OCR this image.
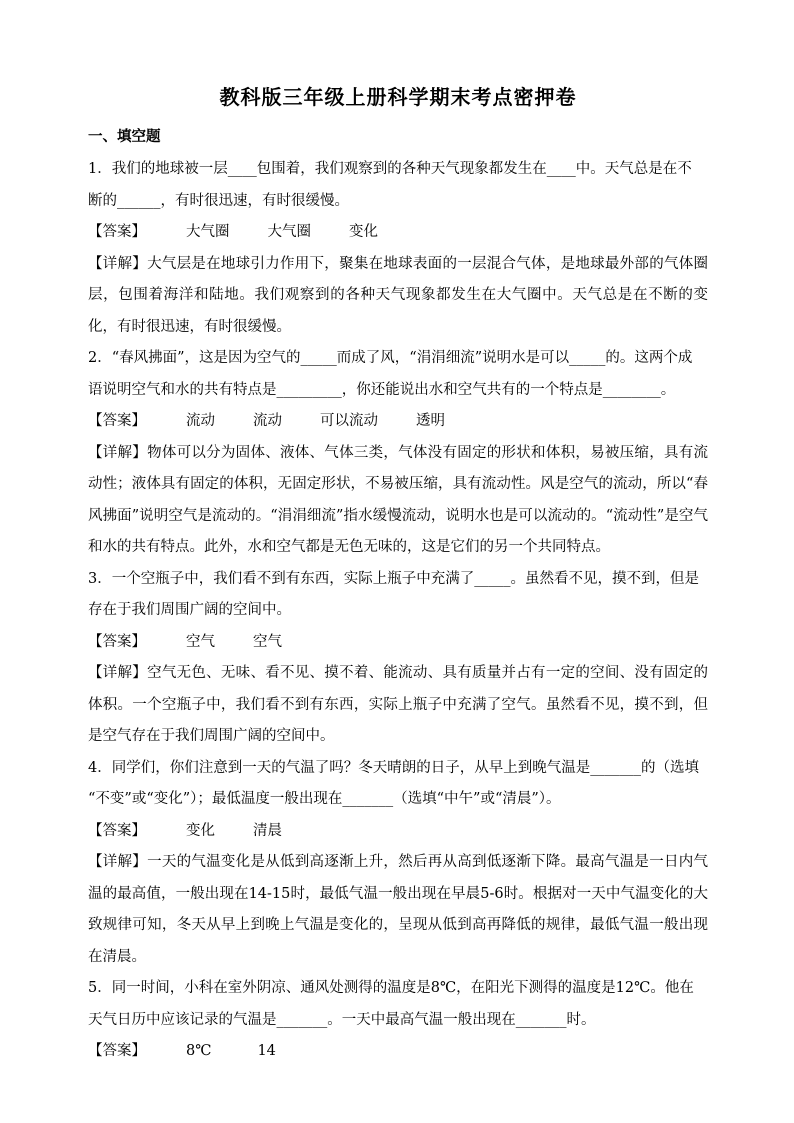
教科版三年级上册科学期末考点密押卷
一、填空题
1．我们的地球被一层____包围着，我们观察到的各种天气现象都发生在____中。天气总是在不
断的______，有时很迅速，有时很缓慢。
【答案】	大气圈	大气圈	变化
【详解】大气层是在地球引力作用下，聚集在地球表面的一层混合气体，是地球最外部的气体圈层，包围着海洋和陆地。我们观察到的各种天气现象都发生在大气圈中。天气总是在不断的变化，有时很迅速，有时很缓慢。
2．“春风拂面”，这是因为空气的_____而成了风，“涓涓细流”说明水是可以_____的。这两个成
语说明空气和水的共有特点是_________，你还能说出水和空气共有的一个特点是________。
【答案】	流动	流动	可以流动	透明
【详解】物体可以分为固体、液体、气体三类，气体没有固定的形状和体积，易被压缩，具有流动性；液体具有固定的体积，无固定形状，不易被压缩，具有流动性。风是空气的流动，所以“春风拂面”说明空气是流动的。“涓涓细流”指水缓慢流动，说明水也是可以流动的。“流动性”是空气和水的共有特点。此外，水和空气都是无色无味的，这是它们的另一个共同特点。
3．一个空瓶子中，我们看不到有东西，实际上瓶子中充满了_____。虽然看不见，摸不到，但是
存在于我们周围广阔的空间中。
【答案】	空气	空气
【详解】空气无色、无味、看不见、摸不着、能流动、具有质量并占有一定的空间、没有固定的体积。一个空瓶子中，我们看不到有东西，实际上瓶子中充满了空气。虽然看不见，摸不到，但是空气存在于我们周围广阔的空间中。
4．同学们，你们注意到一天的气温了吗？冬天晴朗的日子，从早上到晚气温是_______的（选填
“不变”或“变化”）；最低温度一般出现在_______（选填“中午”或“清晨”）。
【答案】	变化	清晨
【详解】一天的气温变化是从低到高逐渐上升，然后再从高到低逐渐下降。最高气温是一日内气温的最高值，一般出现在14-15时，最低气温一般出现在早晨5-6时。根据对一天中气温变化的大致规律可知，冬天从早上到晚上气温是变化的，呈现从低到高再降低的规律，最低气温一般出现在清晨。
5．同一时间，小科在室外阴凉、通风处测得的温度是8℃，在阳光下测得的温度是12℃。他在
天气日历中应该记录的气温是_______。一天中最高气温一般出现在_______时。
【答案】	8℃	14
